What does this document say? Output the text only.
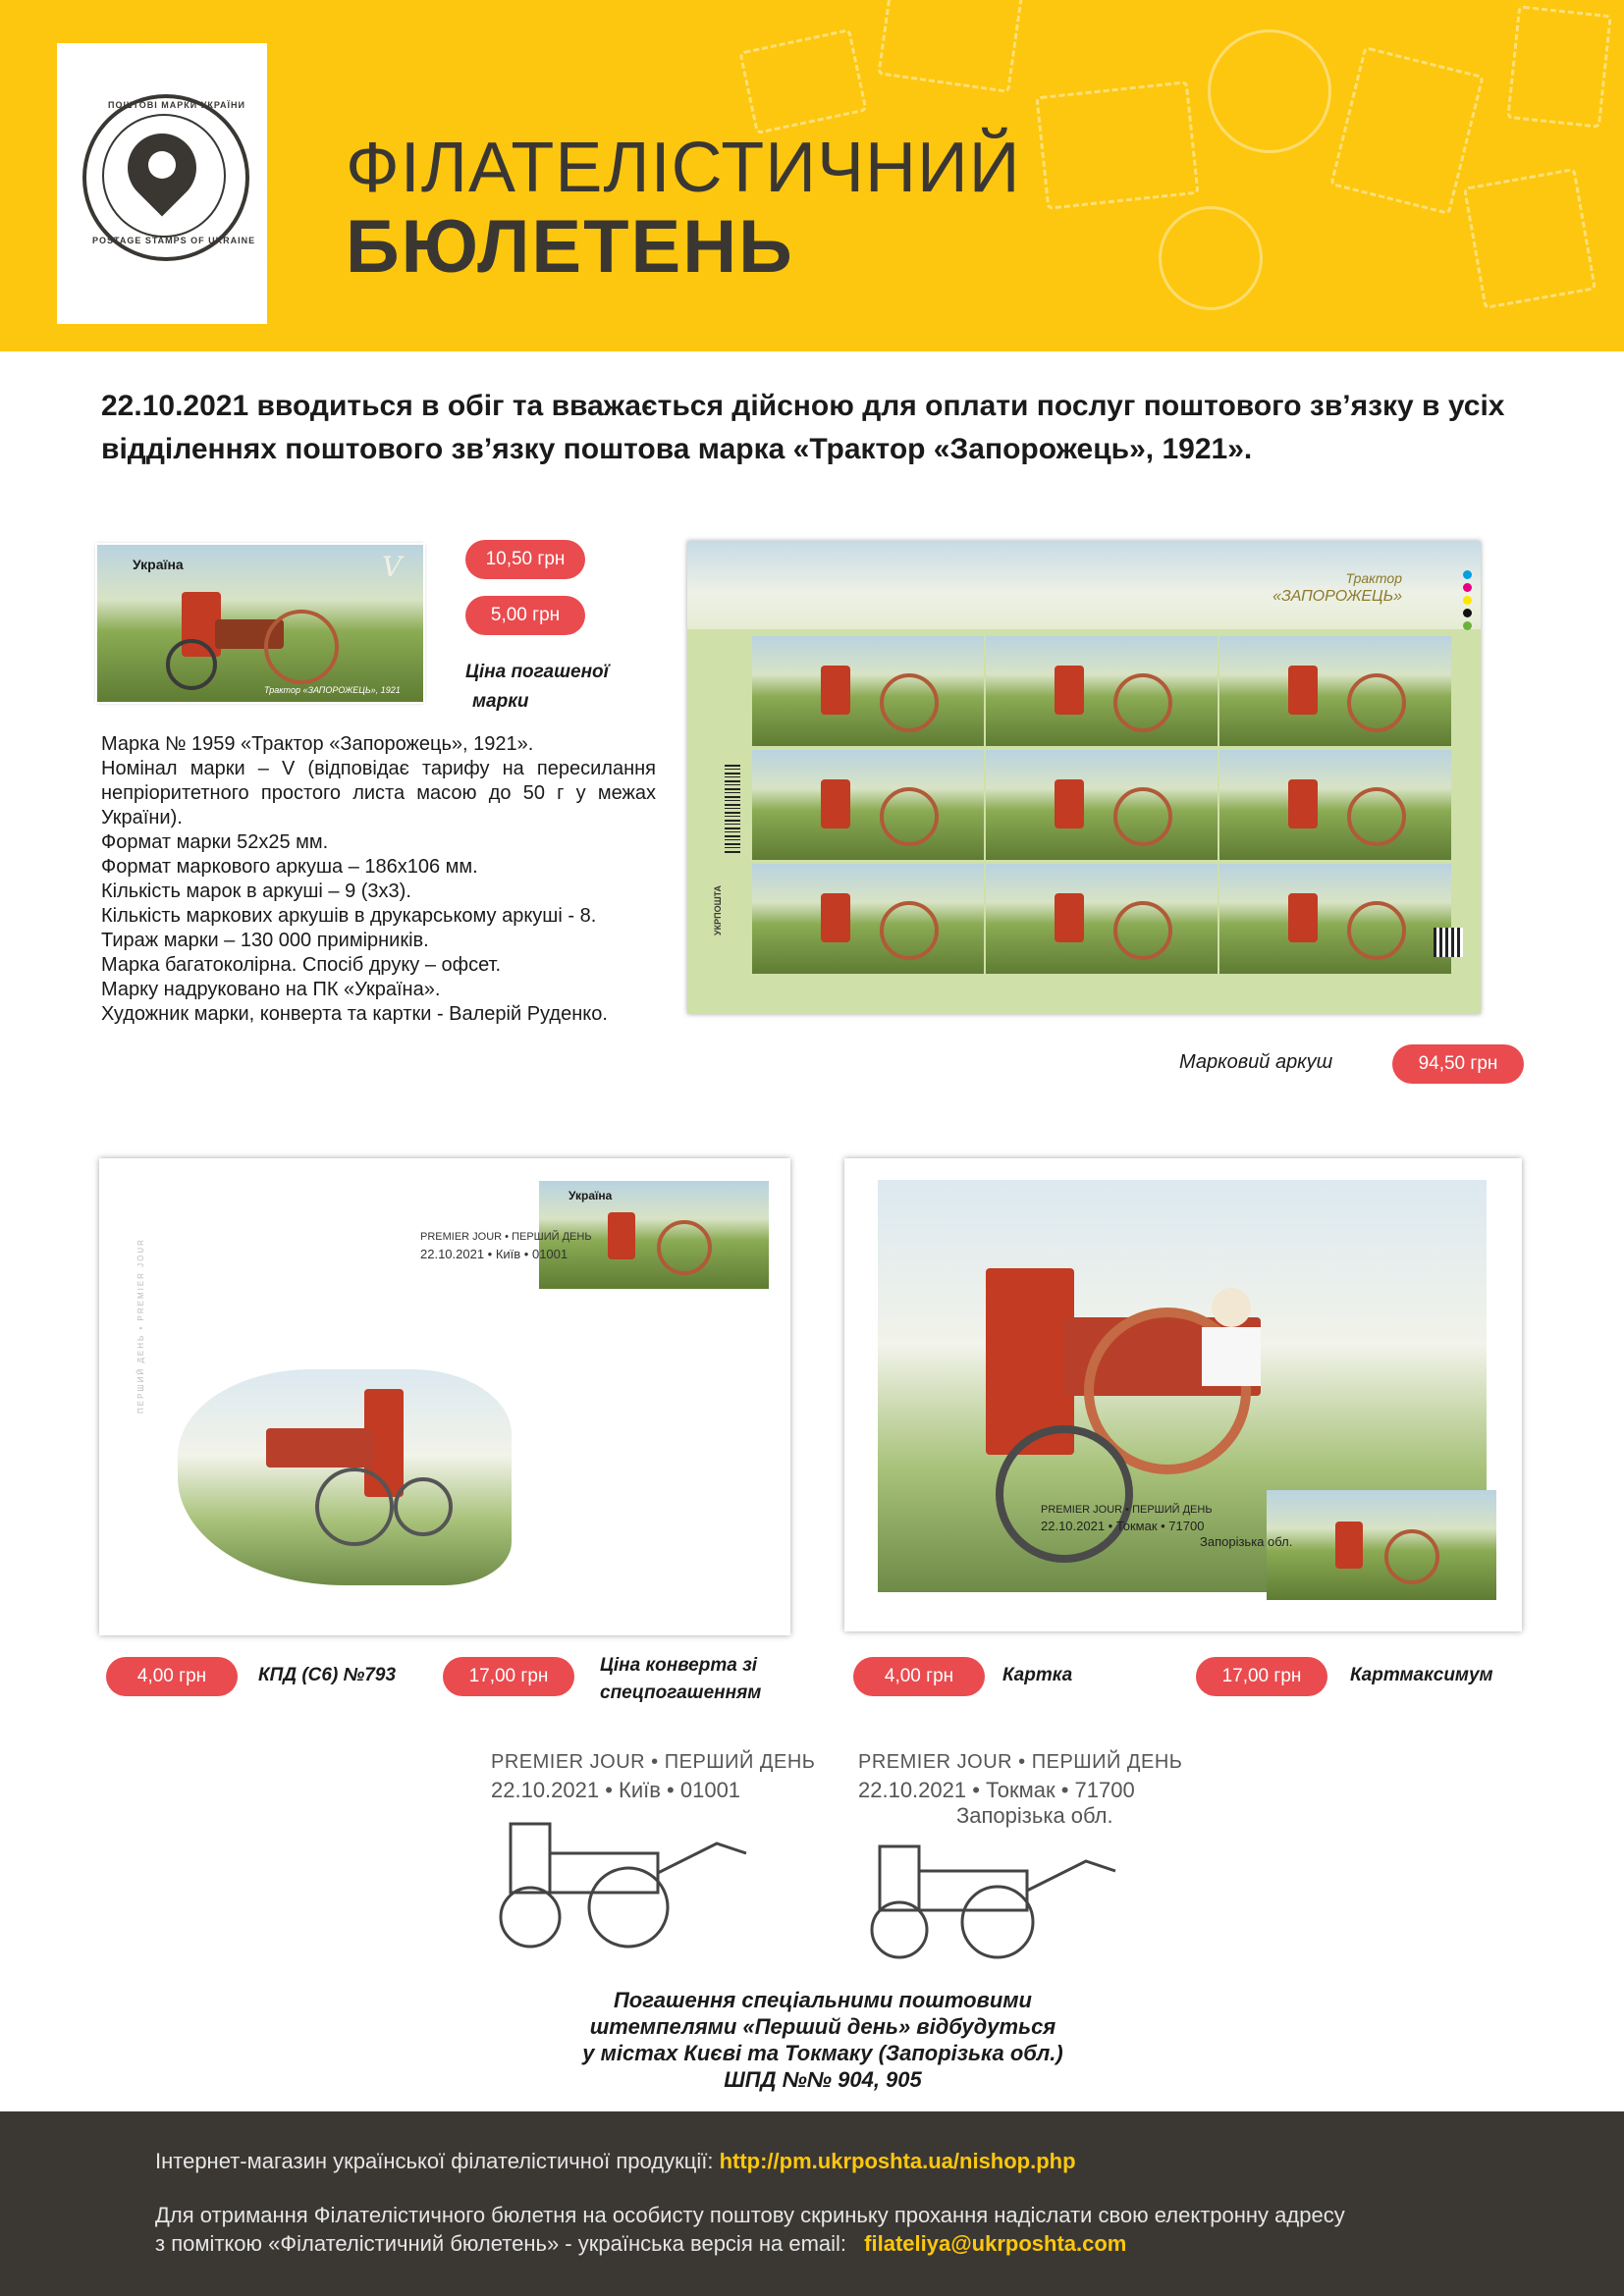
ПОШТОВІ МАРКИ УКРАЇНИ
POSTAGE STAMPS OF UKRAINE
ФІЛАТЕЛІСТИЧНИЙ
БЮЛЕТЕНЬ
22.10.2021 вводиться в обіг та вважається дійсною для оплати послуг поштового зв’язку в усіх відділеннях поштового зв’язку поштова марка «Трактор «Запорожець», 1921».
Україна	V
Трактор «ЗАПОРОЖЕЦЬ», 1921
10,50 грн
5,00 грн
Ціна погашеної
марки
Марка № 1959 «Трактор «Запорожець», 1921».
Номінал марки – V (відповідає тарифу на пересилання непріоритетного простого листа масою до 50 г у межах України).
Формат марки 52х25 мм.
Формат маркового аркуша – 186х106 мм.
Кількість марок в аркуші – 9 (3х3).
Кількість маркових аркушів в друкарському аркуші - 8.
Тираж марки – 130 000 примірників.
Марка багатоколірна. Спосіб друку – офсет.
Марку надруковано на ПК «Україна».
Художник марки, конверта та картки - Валерій Руденко.
Трактор
«ЗАПОРОЖЕЦЬ»
УКРПОШТА
Марковий аркуш	94,50 грн
ПЕРШИЙ ДЕНЬ • PREMIER JOUR
Україна
PREMIER JOUR • ПЕРШИЙ ДЕНЬ
22.10.2021 • Київ • 01001
4,00 грн	КПД (С6) №793	17,00 грн
Ціна конверта зі
спецпогашенням
PREMIER JOUR • ПЕРШИЙ ДЕНЬ
22.10.2021 • Токмак • 71700
Запорізька обл.
4,00 грн	Картка	17,00 грн	Картмаксимум
PREMIER JOUR • ПЕРШИЙ ДЕНЬ
22.10.2021 • Київ • 01001
PREMIER JOUR • ПЕРШИЙ ДЕНЬ
22.10.2021 • Токмак • 71700
Запорізька обл.
Погашення спеціальними поштовими
штемпелями «Перший день» відбудуться
у містах Києві та Токмаку (Запорізька обл.)
ШПД №№ 904, 905
Інтернет-магазин української філателістичної продукції: http://pm.ukrposhta.ua/nishop.php
Для отримання Філателістичного бюлетня на особисту поштову скриньку прохання надіслати свою електронну адресу
з поміткою «Філателістичний бюлетень» - українська версія на email: filateliya@ukrposhta.com
